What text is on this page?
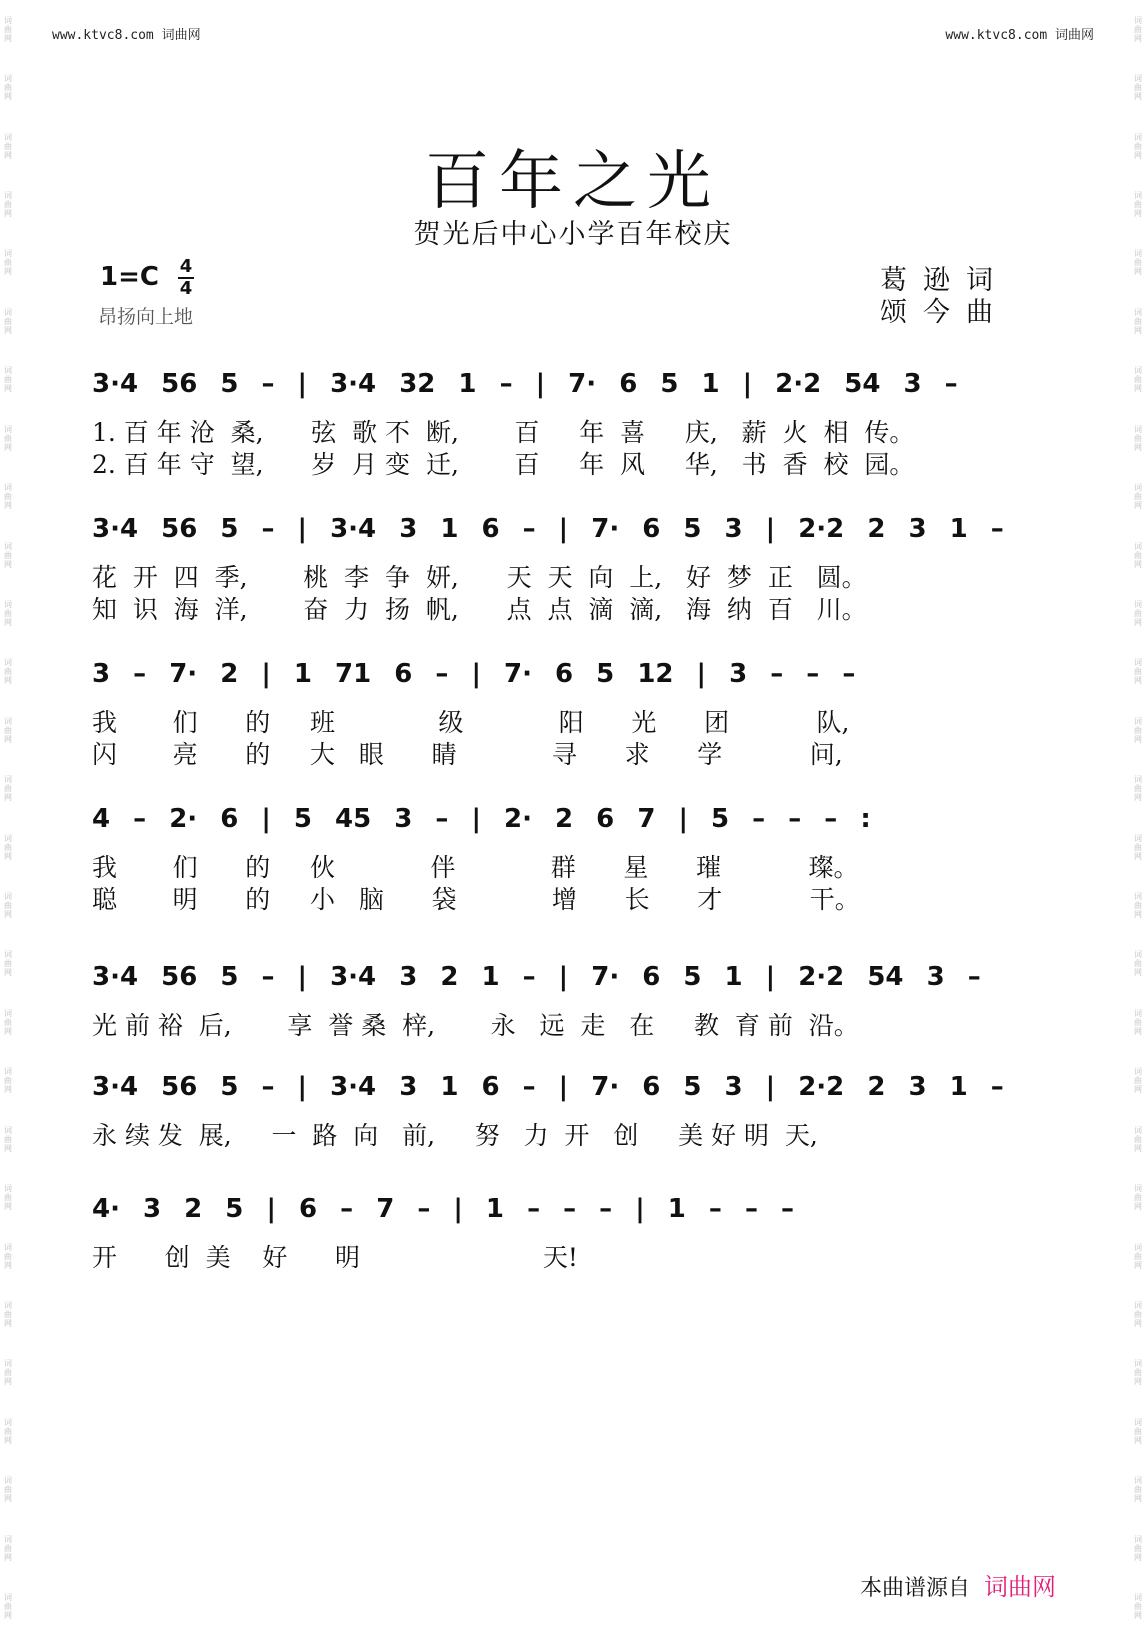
词曲网
词曲网
词曲网
词曲网
词曲网
词曲网
词曲网
词曲网
词曲网
词曲网
词曲网
词曲网
词曲网
词曲网
词曲网
词曲网
词曲网
词曲网
词曲网
词曲网
词曲网
词曲网
词曲网
词曲网
词曲网
词曲网
词曲网
词曲网
词曲网
词曲网
词曲网
词曲网
词曲网
词曲网
词曲网
词曲网
词曲网
词曲网
词曲网
词曲网
词曲网
词曲网
词曲网
词曲网
词曲网
词曲网
词曲网
词曲网
词曲网
词曲网
词曲网
词曲网
词曲网
词曲网
词曲网
词曲网
www.ktvc8.com 词曲网	www.ktvc8.com 词曲网
百年之光
贺光后中心小学百年校庆
1=C 4
4
昂扬向上地
葛逊词
颂今曲
3·4 56 5 – | 3·4 32 1 – | 7· 6 5 1 | 2·2 54 3 –
1. 百 年 沧  桑,      弦  歌 不  断,       百     年  喜     庆,   薪  火  相  传。
2. 百 年 守  望,      岁  月 变  迁,       百     年  风     华,   书  香  校  园。
3·4 56 5 – | 3·4 3 1 6 – | 7· 6 5 3 | 2·2 2 3 1 –
花  开  四  季,       桃  李  争  妍,      天  天  向  上,   好  梦  正   圆。
知  识  海  洋,       奋  力  扬  帆,      点  点  滴  滴,   海  纳  百   川。
3 – 7· 2 | 1 71 6 – | 7· 6 5 12 | 3 – – –
我       们      的     班             级            阳      光      团           队,
闪       亮      的     大   眼      睛            寻      求      学           问,
4 – 2· 6 | 5 45 3 – | 2· 2 6 7 | 5 – – – :
我       们      的     伙            伴            群      星      璀           璨。
聪       明      的     小   脑      袋            增      长      才           干。
3·4 56 5 – | 3·4 3 2 1 – | 7· 6 5 1 | 2·2 54 3 –
光 前 裕  后,       享  誉 桑  梓,       永   远  走   在     教  育 前  沿。
3·4 56 5 – | 3·4 3 1 6 – | 7· 6 5 3 | 2·2 2 3 1 –
永 续 发  展,     一  路  向   前,     努   力  开   创     美 好 明  天,
4· 3 2 5 | 6 – 7 – | 1 – – – | 1 – – –
开      创  美    好      明                       天!
本曲谱源自 词曲网
